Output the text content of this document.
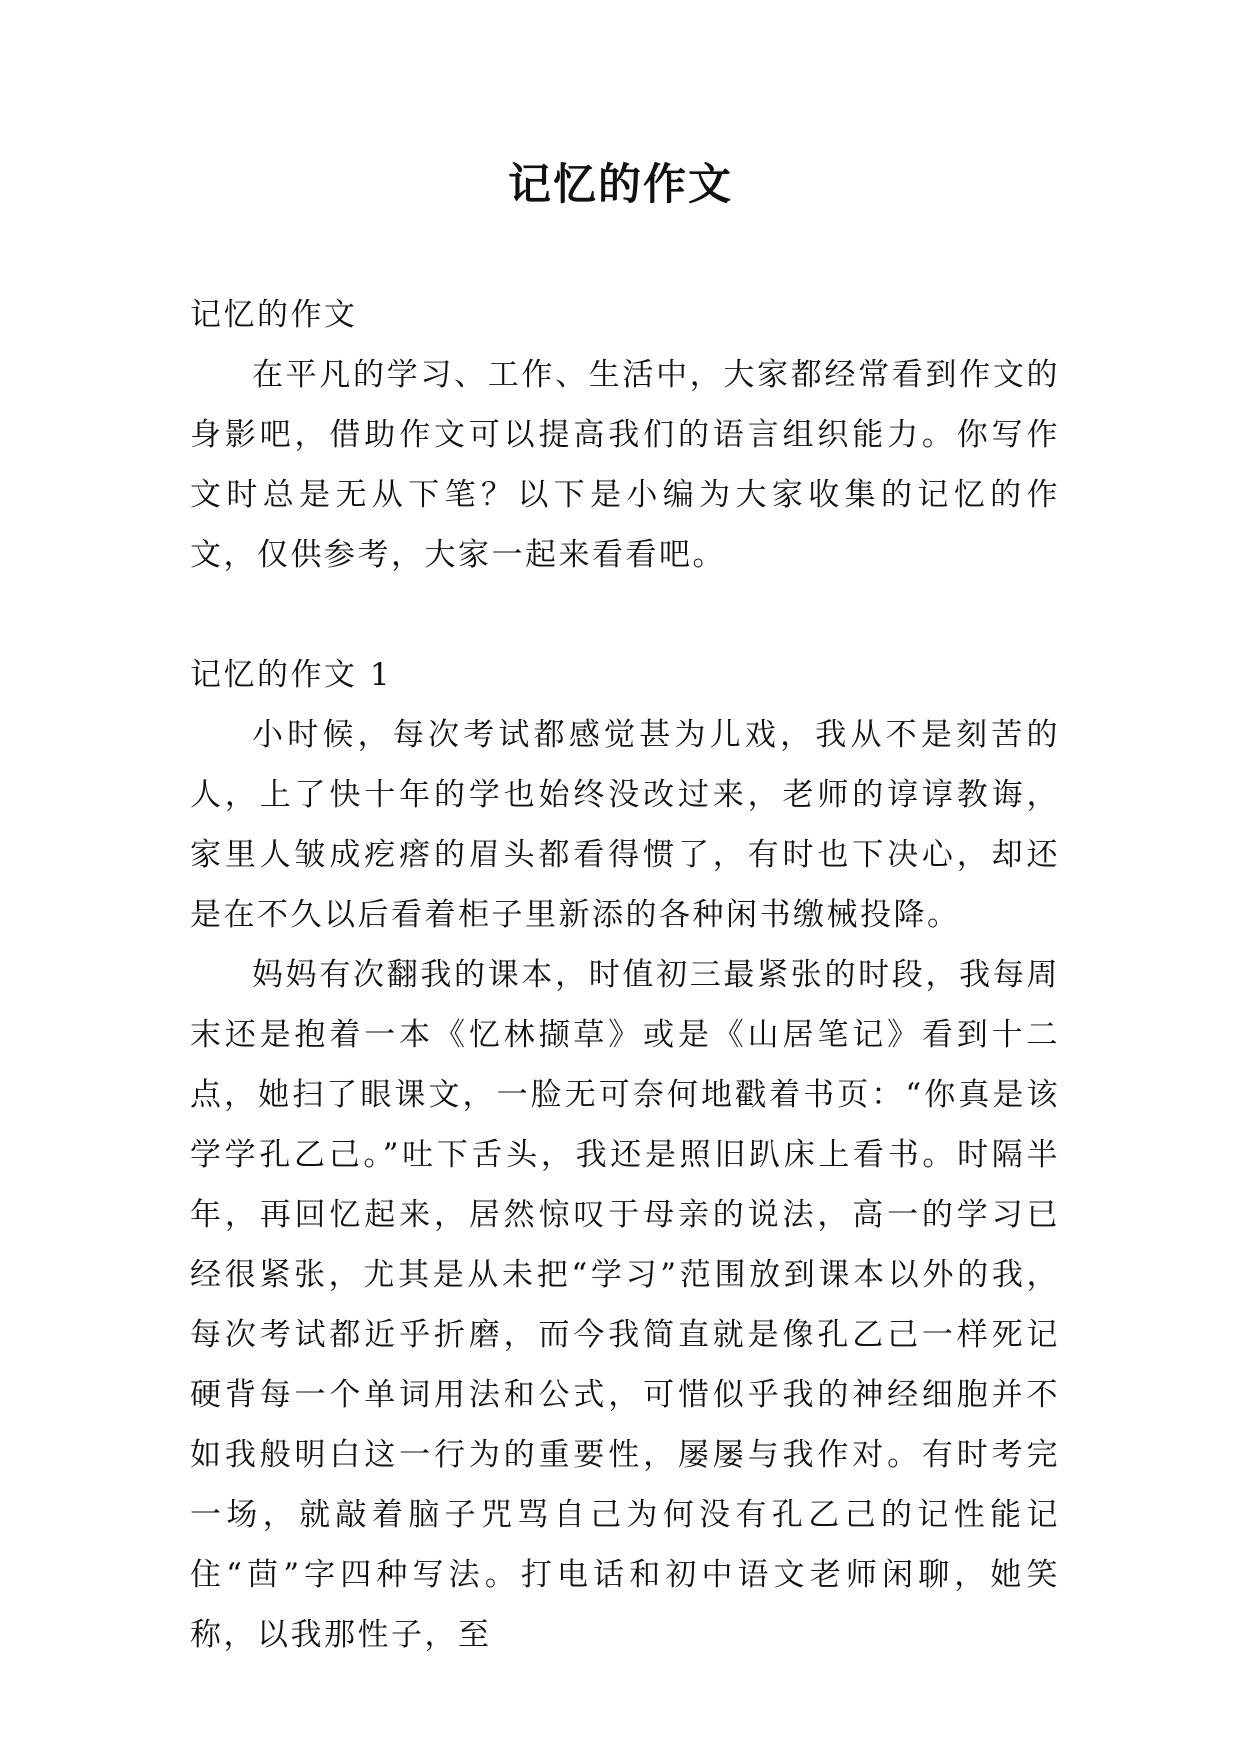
记忆的作文

记忆的作文

在平凡的学习、工作、生活中，大家都经常看到作文的身影吧，借助作文可以提高我们的语言组织能力。你写作文时总是无从下笔？以下是小编为大家收集的记忆的作文，仅供参考，大家一起来看看吧。

记忆的作文 1

小时候，每次考试都感觉甚为儿戏，我从不是刻苦的人，上了快十年的学也始终没改过来，老师的谆谆教诲，家里人皱成疙瘩的眉头都看得惯了，有时也下决心，却还是在不久以后看着柜子里新添的各种闲书缴械投降。

妈妈有次翻我的课本，时值初三最紧张的时段，我每周末还是抱着一本《忆林撷草》或是《山居笔记》看到十二点，她扫了眼课文，一脸无可奈何地戳着书页：“你真是该学学孔乙己。”吐下舌头，我还是照旧趴床上看书。时隔半年，再回忆起来，居然惊叹于母亲的说法，高一的学习已经很紧张，尤其是从未把“学习”范围放到课本以外的我，每次考试都近乎折磨，而今我简直就是像孔乙己一样死记硬背每一个单词用法和公式，可惜似乎我的神经细胞并不如我般明白这一行为的重要性，屡屡与我作对。有时考完一场，就敲着脑子咒骂自己为何没有孔乙己的记性能记住“茴”字四种写法。打电话和初中语文老师闲聊，她笑称，以我那性子，至
